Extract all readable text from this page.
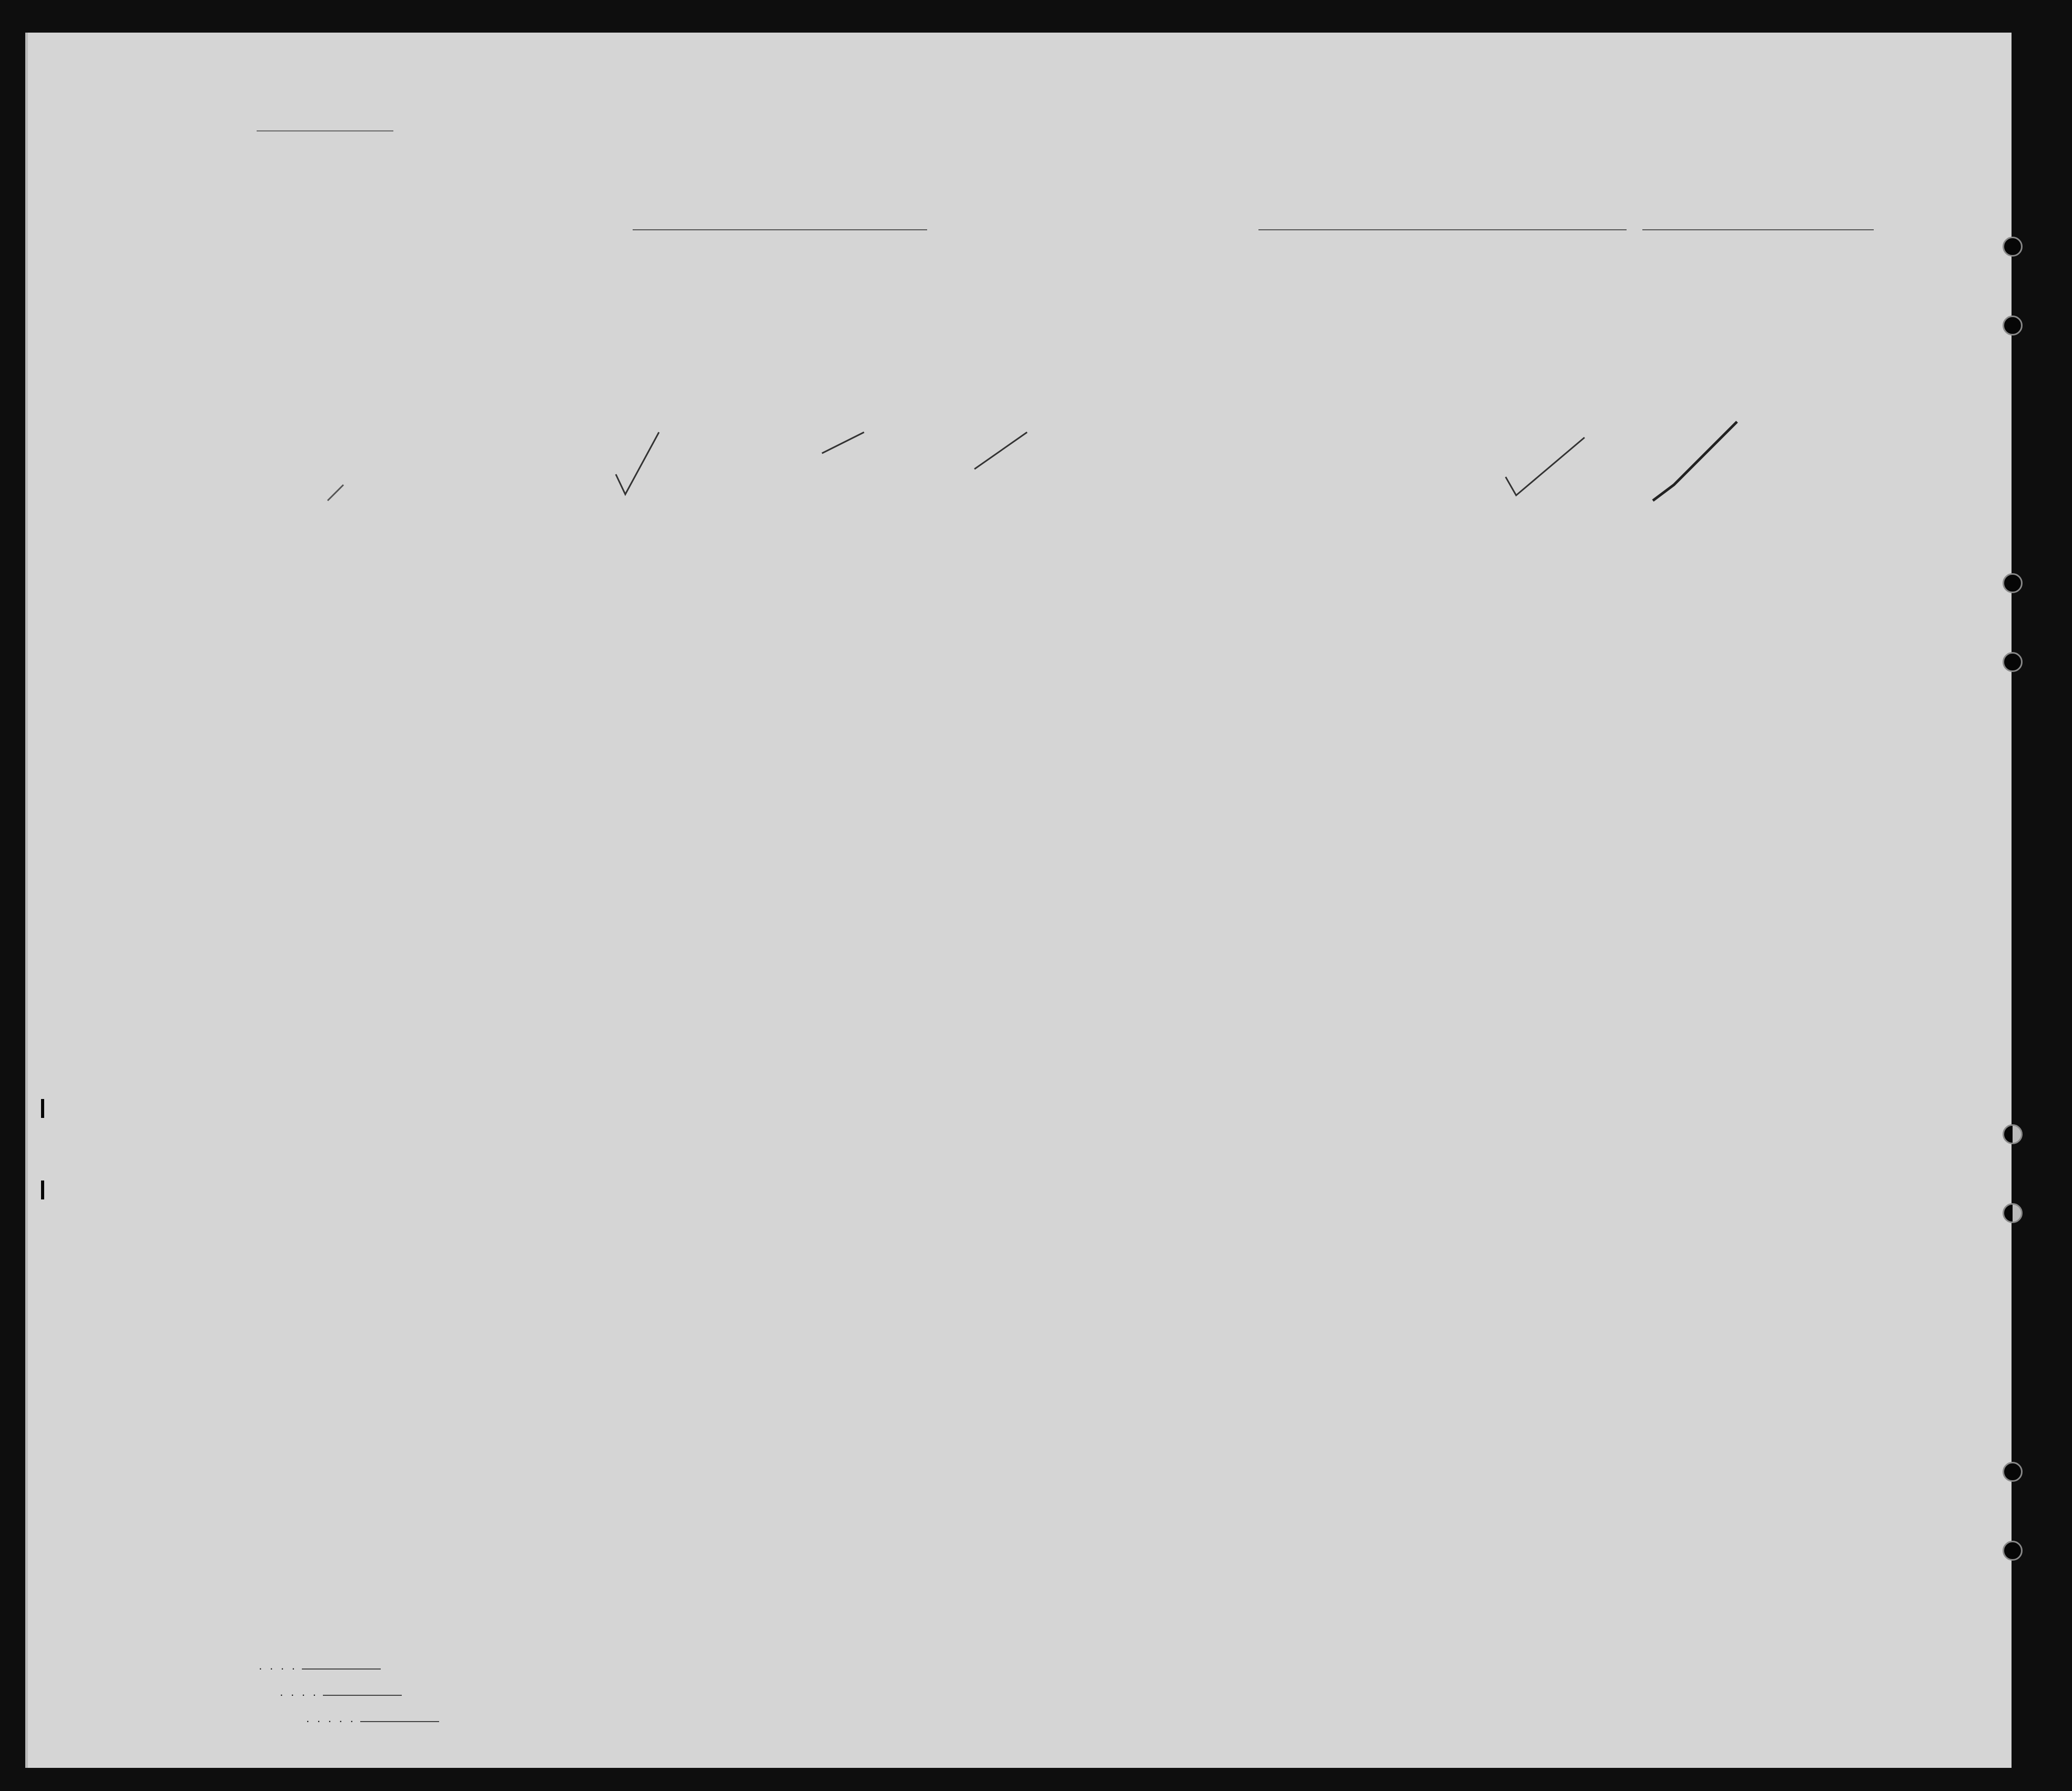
. . . .
. . . .
. . . . .
